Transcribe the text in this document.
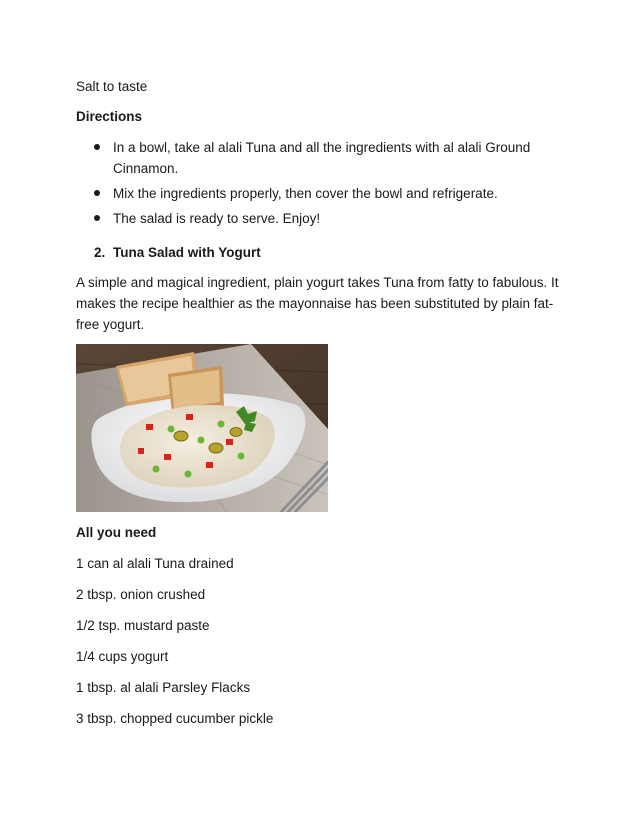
Salt to taste
Directions
In a bowl, take al alali Tuna and all the ingredients with al alali Ground Cinnamon.
Mix the ingredients properly, then cover the bowl and refrigerate.
The salad is ready to serve. Enjoy!
2. Tuna Salad with Yogurt
A simple and magical ingredient, plain yogurt takes Tuna from fatty to fabulous. It makes the recipe healthier as the mayonnaise has been substituted by plain fat-free yogurt.
All you need
1 can al alali Tuna drained
2 tbsp. onion crushed
1/2 tsp. mustard paste
1/4 cups yogurt
1 tbsp. al alali Parsley Flacks
3 tbsp. chopped cucumber pickle
